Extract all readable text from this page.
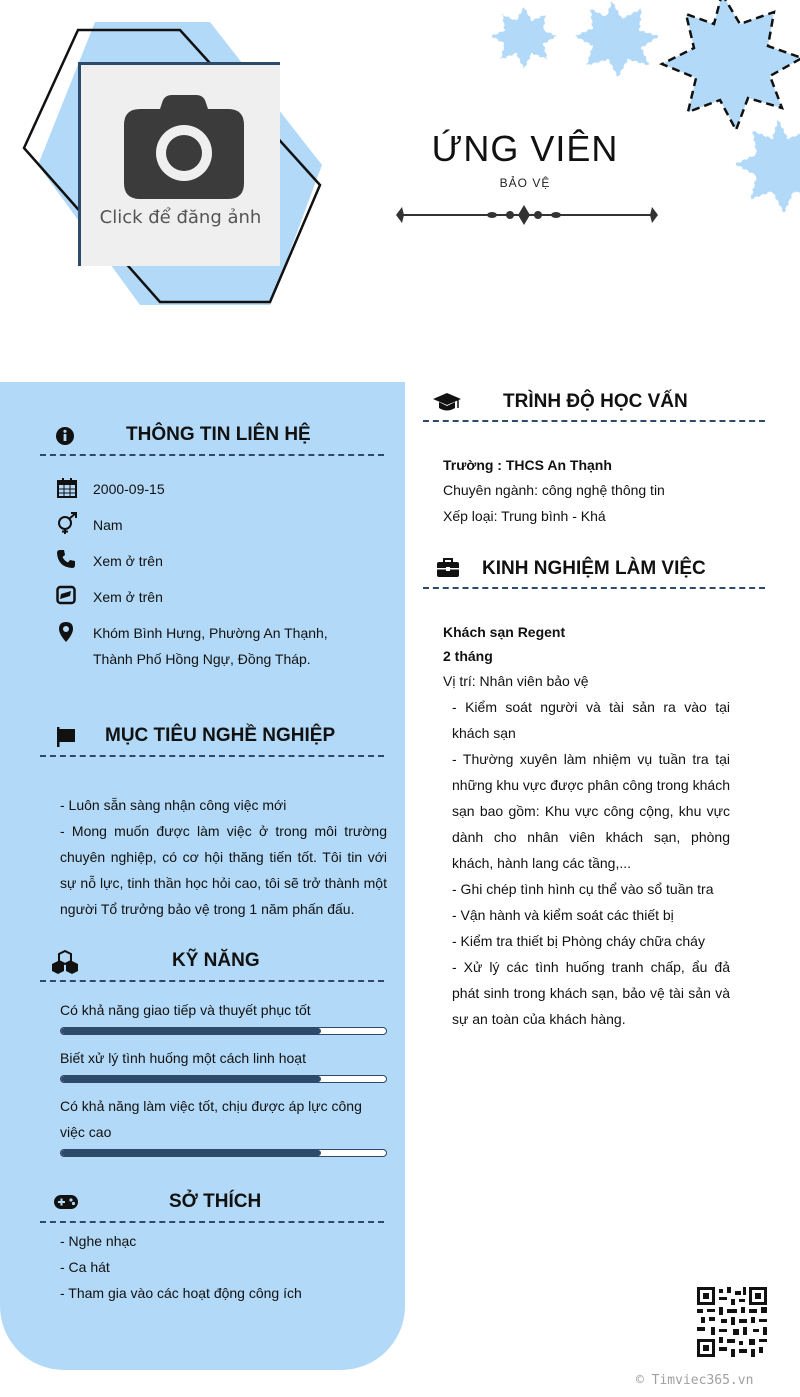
Click để đăng ảnh
ỨNG VIÊN
BẢO VỆ
THÔNG TIN LIÊN HỆ
2000-09-15
Nam
Xem ở trên
Xem ở trên
Khóm Bình Hưng, Phường An Thạnh,
Thành Phố Hồng Ngự, Đồng Tháp.
MỤC TIÊU NGHỀ NGHIỆP
- Luôn sẵn sàng nhận công việc mới
- Mong muốn được làm việc ở trong môi trường chuyên nghiệp, có cơ hội thăng tiến tốt. Tôi tin với sự nỗ lực, tinh thần học hỏi cao, tôi sẽ trở thành một người Tổ trưởng bảo vệ trong 1 năm phấn đấu.
KỸ NĂNG
Có khả năng giao tiếp và thuyết phục tốt
Biết xử lý tình huống một cách linh hoạt
Có khả năng làm việc tốt, chịu được áp lực công việc cao
SỞ THÍCH
- Nghe nhạc
- Ca hát
- Tham gia vào các hoạt động công ích
TRÌNH ĐỘ HỌC VẤN
Trường : THCS An Thạnh
Chuyên ngành: công nghệ thông tin
Xếp loại: Trung bình - Khá
KINH NGHIỆM LÀM VIỆC
Khách sạn Regent
2 tháng
Vị trí: Nhân viên bảo vệ
- Kiểm soát người và tài sản ra vào tại khách sạn
- Thường xuyên làm nhiệm vụ tuần tra tại những khu vực được phân công trong khách sạn bao gồm: Khu vực công cộng, khu vực dành cho nhân viên khách sạn, phòng khách, hành lang các tầng,...
- Ghi chép tình hình cụ thể vào sổ tuần tra
- Vận hành và kiểm soát các thiết bị
- Kiểm tra thiết bị Phòng cháy chữa cháy
- Xử lý các tình huống tranh chấp, ẩu đả phát sinh trong khách sạn, bảo vệ tài sản và sự an toàn của khách hàng.
© Timviec365.vn
